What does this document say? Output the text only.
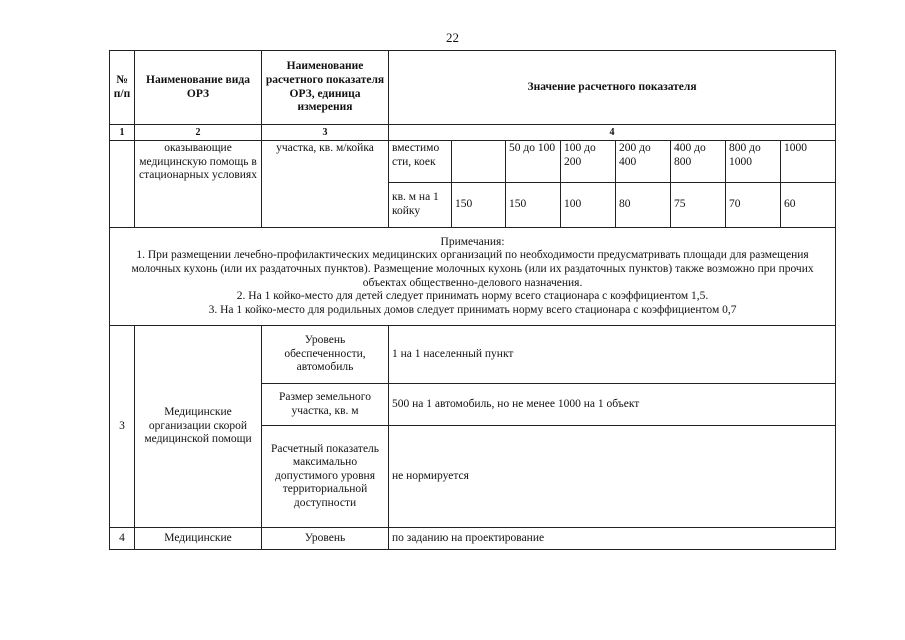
22
№ п/п	Наименование вида ОРЗ	Наименование расчетного показателя ОРЗ, единица измерения	Значение расчетного показателя							
1	2	3	4							
	оказывающие медицинскую помощь в стационарных условиях	участка, кв. м/койка	вместимо сти, коек		50 до 100	100 до 200	200 до 400	400 до 800	800 до 1000	1000
			кв. м на 1 койку	150	150	100	80	75	70	60

Примечания:
1. При размещении лечебно-профилактических медицинских организаций по необходимости предусматривать площади для размещения молочных кухонь (или их раздаточных пунктов). Размещение молочных кухонь (или их раздаточных пунктов) также возможно при прочих объектах общественно-делового назначения.
2. На 1 койко-место для детей следует принимать норму всего стационара с коэффициентом 1,5.
3. На 1 койко-место для родильных домов следует принимать норму всего стационара с коэффициентом 0,7										

3	Медицинские организации скорой медицинской помощи	Уровень обеспеченности, автомобиль	1 на 1 населенный пункт							
		Размер земельного участка, кв. м	500 на 1 автомобиль, но не менее 1000 на 1 объект							
		Расчетный показатель максимально допустимого уровня территориальной доступности	не нормируется							
4	Медицинские	Уровень	по заданию на проектирование							
